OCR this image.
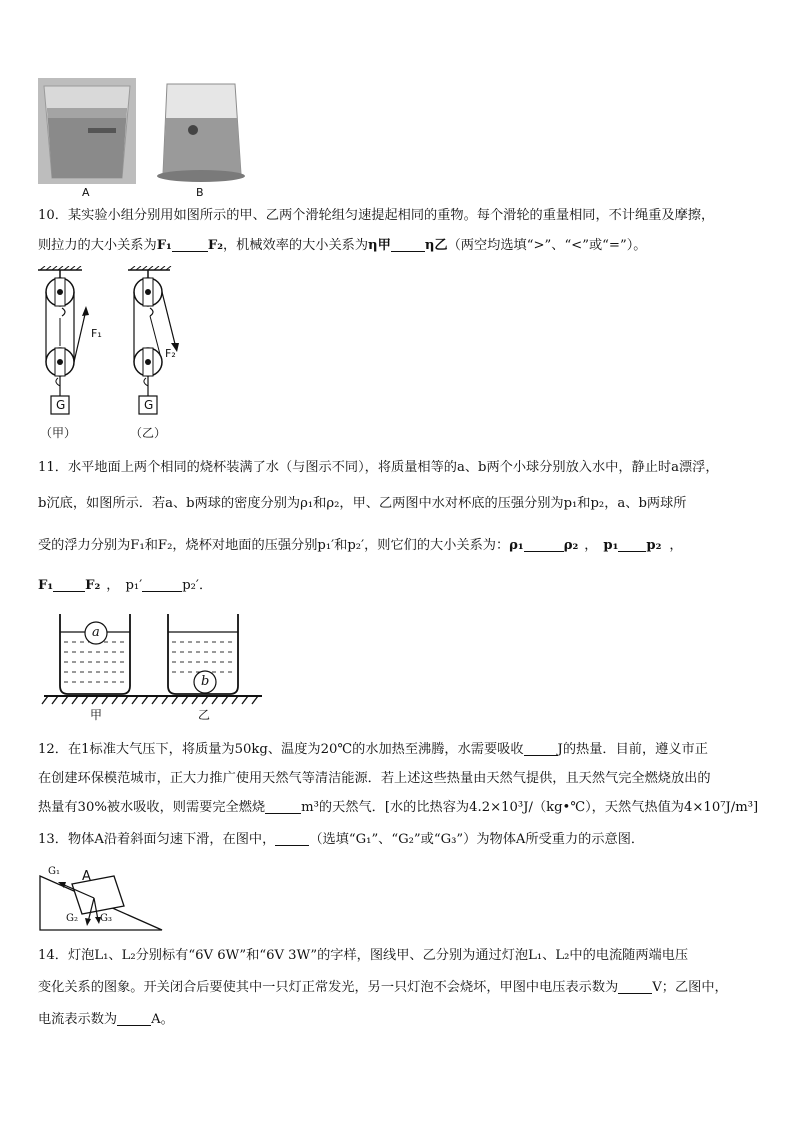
A	B
10．某实验小组分别用如图所示的甲、乙两个滑轮组匀速提起相同的重物。每个滑轮的重量相同，不计绳重及摩擦，
则拉力的大小关系为F₁	F₂，机械效率的大小关系为η甲	η乙（两空均选填“>”、“<”或“=”）。
F₁
F₂
G	G
（甲）	（乙）
11．水平地面上两个相同的烧杯装满了水（与图示不同），将质量相等的a、b两个小球分别放入水中，静止时a漂浮，
b沉底，如图所示．若a、b两球的密度分别为ρ₁和ρ₂，甲、乙两图中水对杯底的压强分别为p₁和p₂，a、b两球所
受的浮力分别为F₁和F₂，烧杯对地面的压强分别p₁′和p₂′，则它们的大小关系为：ρ₁	ρ₂ ， p₁ p₂ ，
F₁ F₂ ， p₁′	p₂′．
a
b
甲	乙
12．在1标准大气压下，将质量为50kg、温度为20℃的水加热至沸腾，水需要吸收	J的热量．目前，遵义市正
在创建环保模范城市，正大力推广使用天然气等清洁能源．若上述这些热量由天然气提供，且天然气完全燃烧放出的
热量有30%被水吸收，则需要完全燃烧	m³的天然气．[水的比热容为4.2×10³J/（kg•℃），天然气热值为4×10⁷J/m³]
13．物体A沿着斜面匀速下滑，在图中，	（选填“G₁”、“G₂”或“G₃”）为物体A所受重力的示意图．
A
G₁
G₂ G₃
14．灯泡L₁、L₂分别标有“6V 6W”和“6V 3W”的字样，图线甲、乙分别为通过灯泡L₁、L₂中的电流随两端电压
变化关系的图象。开关闭合后要使其中一只灯正常发光，另一只灯泡不会烧坏，甲图中电压表示数为	V；乙图中，
电流表示数为	A。
